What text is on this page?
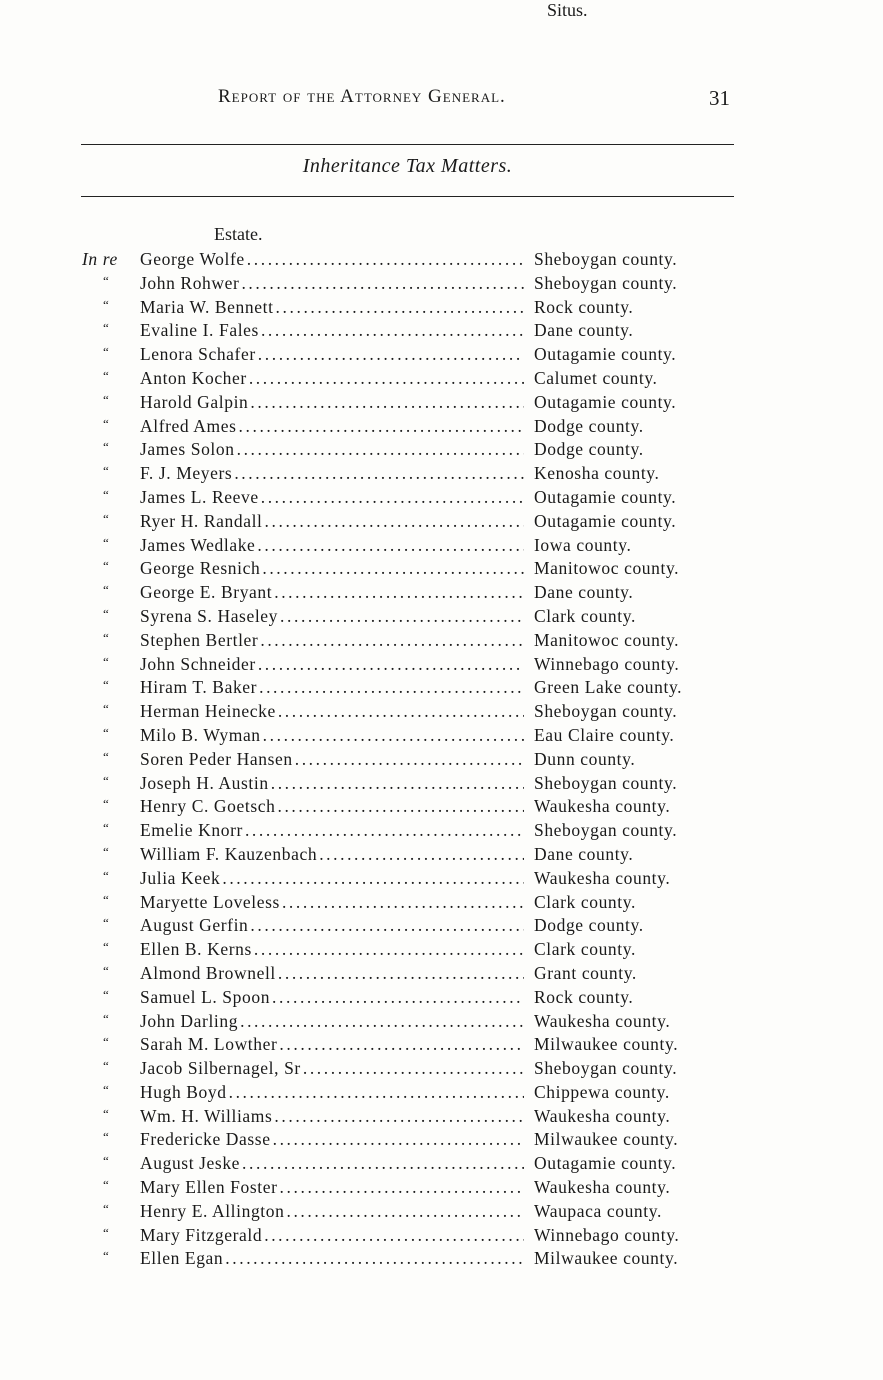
Report of the Attorney General.	31
Inheritance Tax Matters.
Estate.
Situs.
In re George Wolfe .....	Sheboygan county.
“ John Rohwer .....	Sheboygan county.
“ Maria W. Bennett .....	Rock county.
“ Evaline I. Fales .....	Dane county.
“ Lenora Schafer .....	Outagamie county.
“ Anton Kocher .....	Calumet county.
“ Harold Galpin .....	Outagamie county.
“ Alfred Ames .....	Dodge county.
“ James Solon .....	Dodge county.
“ F. J. Meyers .....	Kenosha county.
“ James L. Reeve .....	Outagamie county.
“ Ryer H. Randall .....	Outagamie county.
“ James Wedlake .....	Iowa county.
“ George Resnich .....	Manitowoc county.
“ George E. Bryant .....	Dane county.
“ Syrena S. Haseley .....	Clark county.
“ Stephen Bertler .....	Manitowoc county.
“ John Schneider .....	Winnebago county.
“ Hiram T. Baker .....	Green Lake county.
“ Herman Heinecke .....	Sheboygan county.
“ Milo B. Wyman .....	Eau Claire county.
“ Soren Peder Hansen .....	Dunn county.
“ Joseph H. Austin .....	Sheboygan county.
“ Henry C. Goetsch .....	Waukesha county.
“ Emelie Knorr .....	Sheboygan county.
“ William F. Kauzenbach .....	Dane county.
“ Julia Keek .....	Waukesha county.
“ Maryette Loveless .....	Clark county.
“ August Gerfin .....	Dodge county.
“ Ellen B. Kerns .....	Clark county.
“ Almond Brownell .....	Grant county.
“ Samuel L. Spoon .....	Rock county.
“ John Darling .....	Waukesha county.
“ Sarah M. Lowther .....	Milwaukee county.
“ Jacob Silbernagel, Sr .....	Sheboygan county.
“ Hugh Boyd .....	Chippewa county.
“ Wm. H. Williams .....	Waukesha county.
“ Fredericke Dasse .....	Milwaukee county.
“ August Jeske .....	Outagamie county.
“ Mary Ellen Foster .....	Waukesha county.
“ Henry E. Allington .....	Waupaca county.
“ Mary Fitzgerald .....	Winnebago county.
“ Ellen Egan .....	Milwaukee county.
